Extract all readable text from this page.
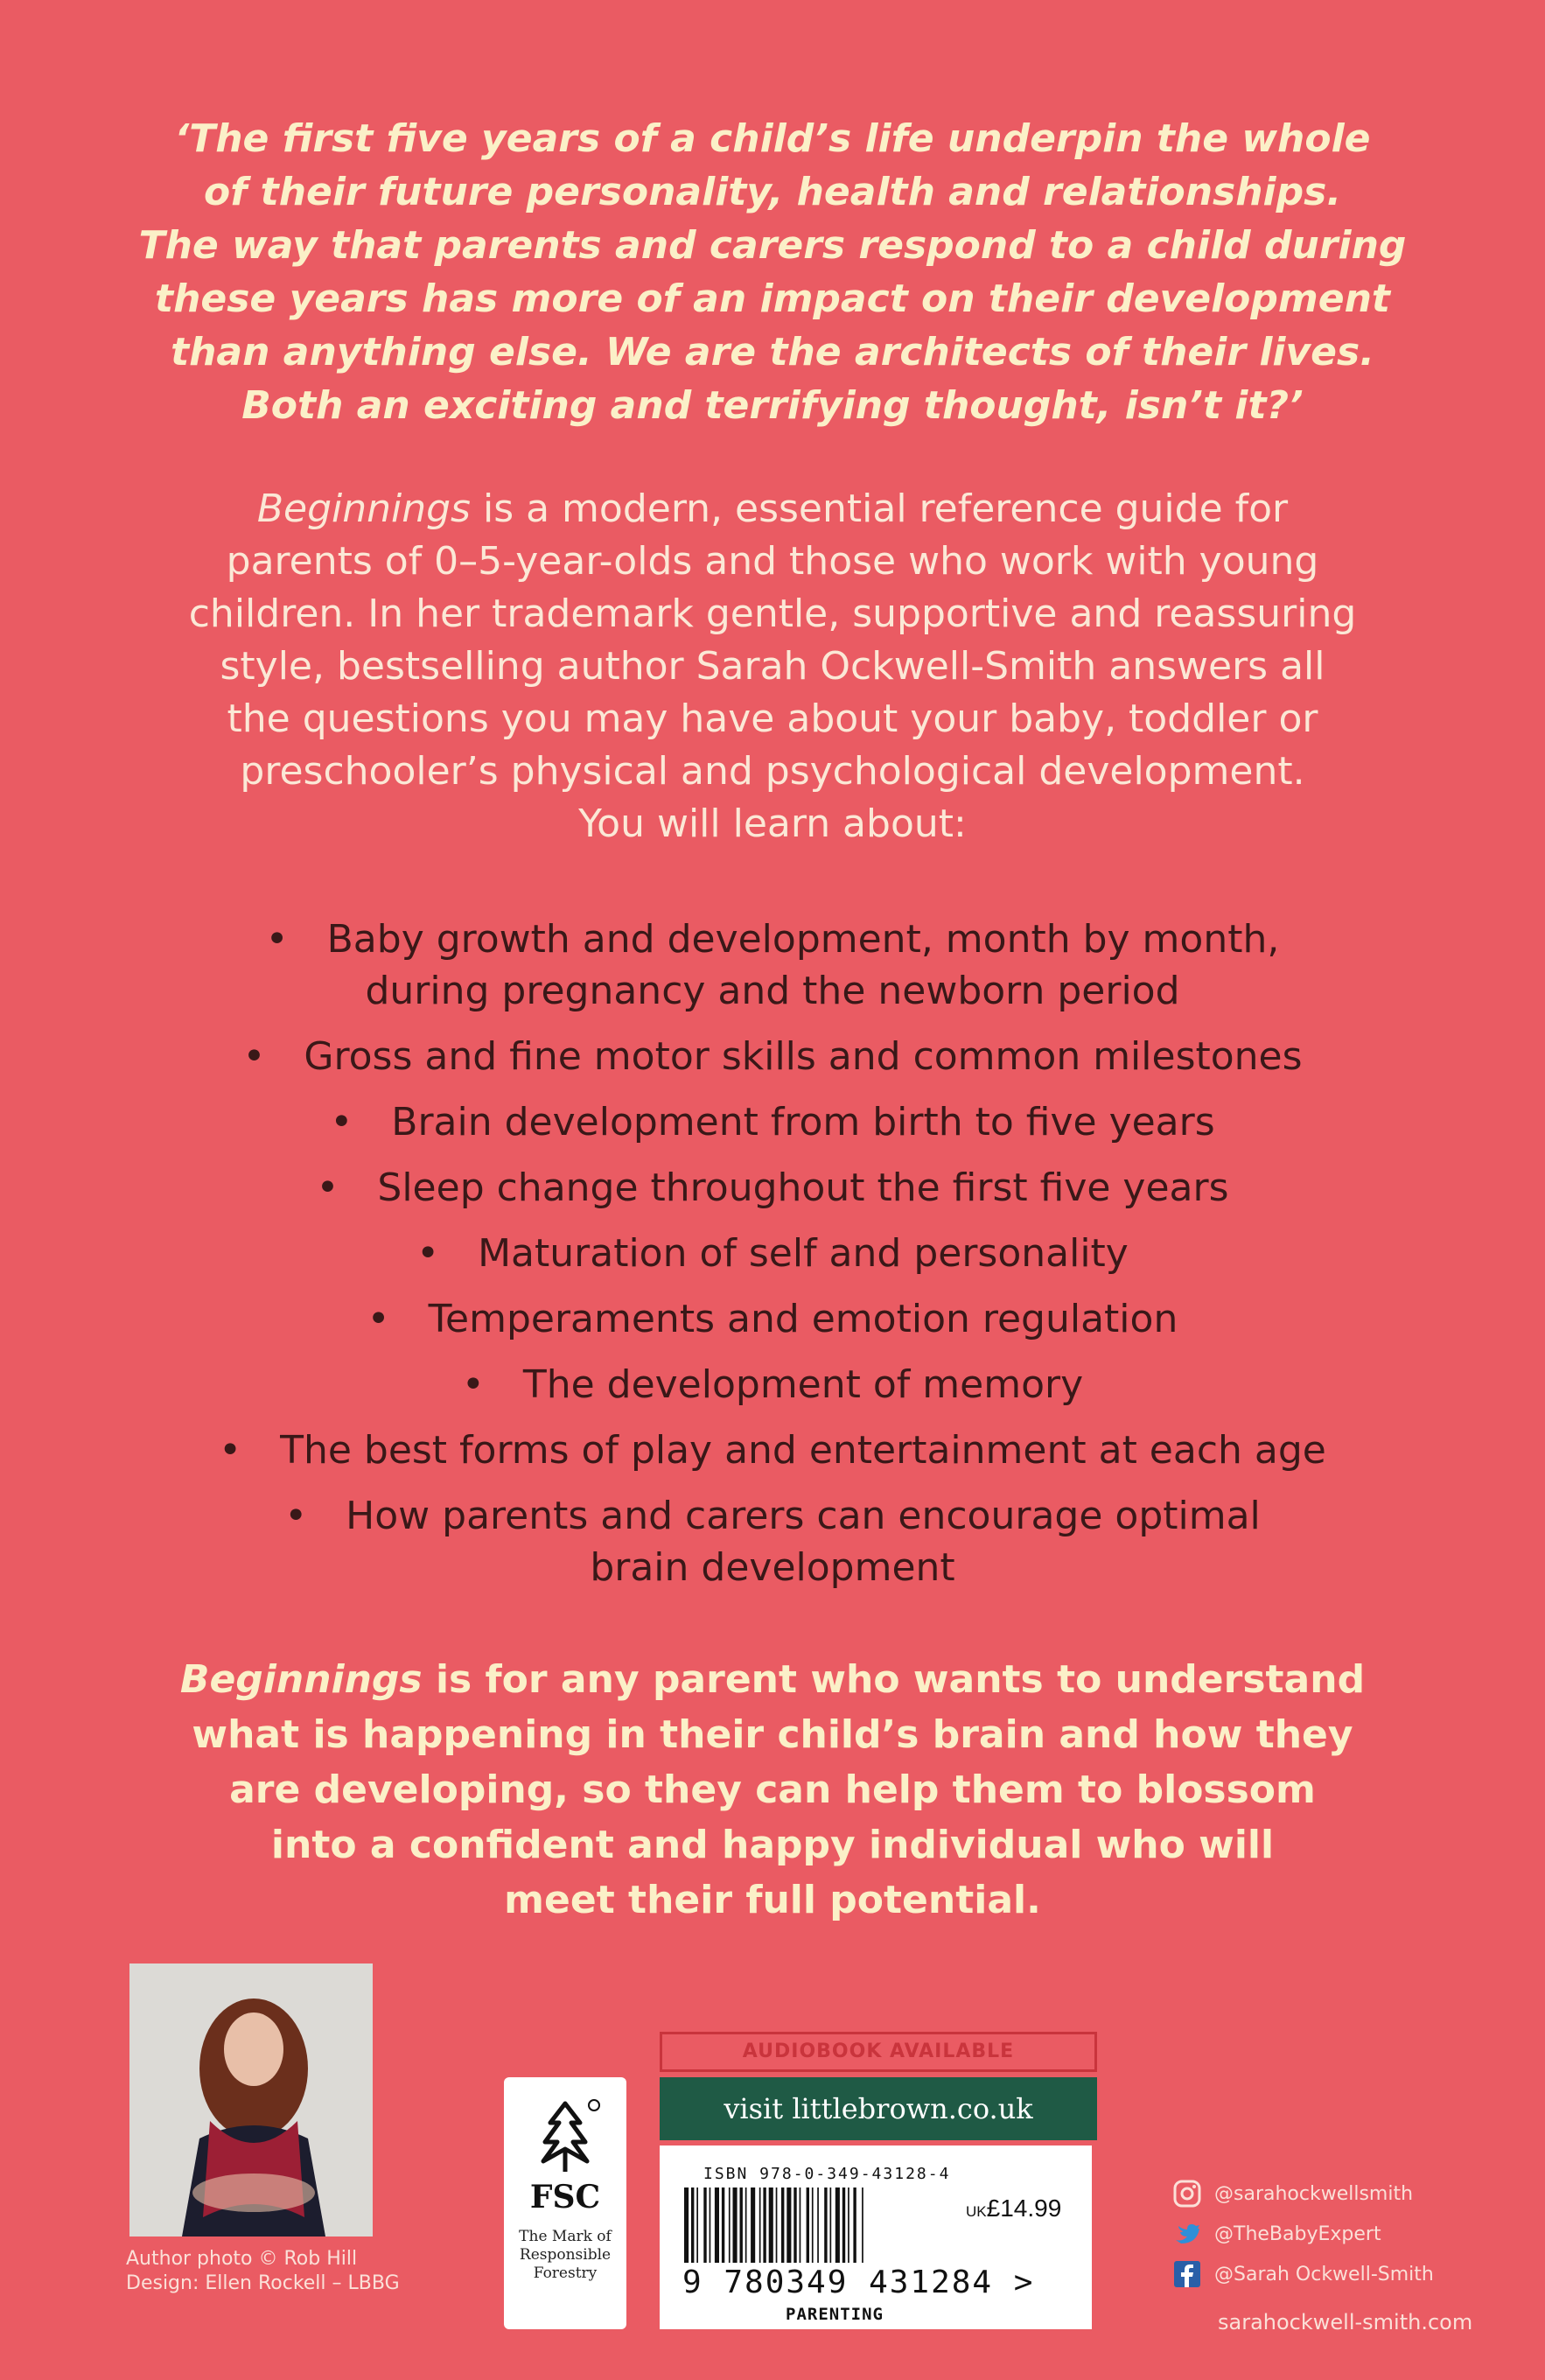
‘The first five years of a child’s life underpin the whole
of their future personality, health and relationships.
The way that parents and carers respond to a child during
these years has more of an impact on their development
than anything else. We are the architects of their lives.
Both an exciting and terrifying thought, isn’t it?’
Beginnings is a modern, essential reference guide for
parents of 0–5-year-olds and those who work with young
children. In her trademark gentle, supportive and reassuring
style, bestselling author Sarah Ockwell-Smith answers all
the questions you may have about your baby, toddler or
preschooler’s physical and psychological development.
You will learn about:
• Baby growth and development, month by month,
during pregnancy and the newborn period
• Gross and fine motor skills and common milestones
• Brain development from birth to five years
• Sleep change throughout the first five years
• Maturation of self and personality
• Temperaments and emotion regulation
• The development of memory
• The best forms of play and entertainment at each age
• How parents and carers can encourage optimal
brain development
Beginnings is for any parent who wants to understand
what is happening in their child’s brain and how they
are developing, so they can help them to blossom
into a confident and happy individual who will
meet their full potential.
Author photo © Rob Hill
Design: Ellen Rockell – LBBG
FSC
The Mark of Responsible Forestry
AUDIOBOOK AVAILABLE
visit littlebrown.co.uk
ISBN 978-0-349-43128-4
UK£14.99
9 780349 431284 >
PARENTING
@sarahockwellsmith
@TheBabyExpert
@Sarah Ockwell-Smith
sarahockwell-smith.com
